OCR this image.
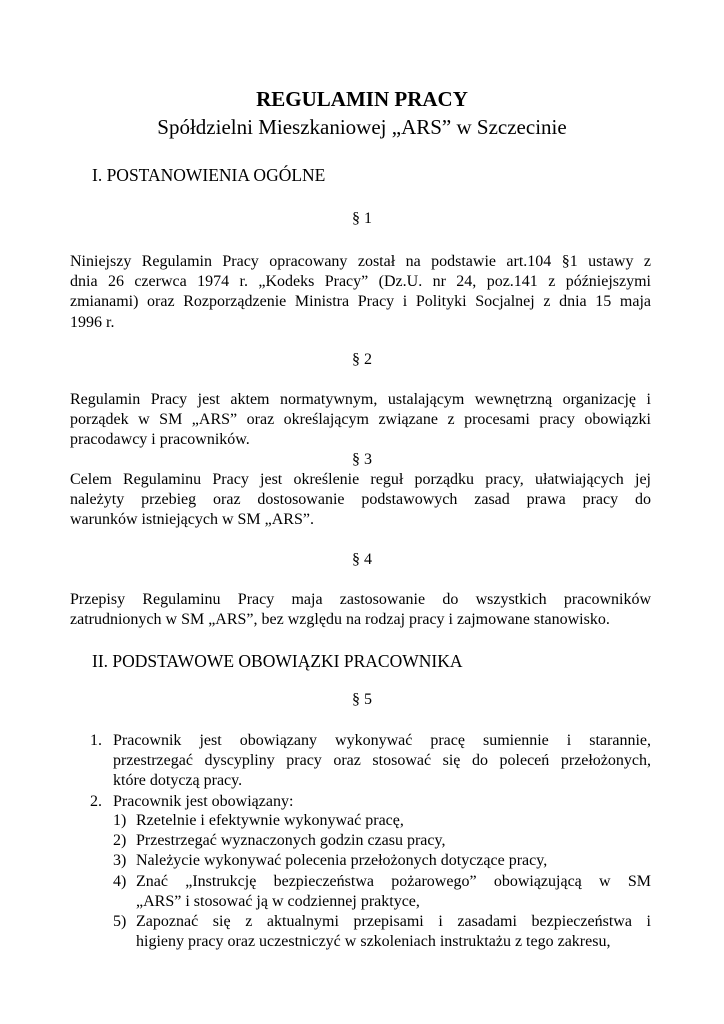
REGULAMIN PRACY
Spółdzielni Mieszkaniowej „ARS” w Szczecinie
I. POSTANOWIENIA OGÓLNE
§ 1
Niniejszy Regulamin Pracy opracowany został na podstawie art.104 §1 ustawy z
dnia 26 czerwca 1974 r. „Kodeks Pracy” (Dz.U. nr 24, poz.141 z późniejszymi
zmianami) oraz Rozporządzenie Ministra Pracy i Polityki Socjalnej z dnia 15 maja
1996 r.
§ 2
Regulamin Pracy jest aktem normatywnym, ustalającym wewnętrzną organizację i
porządek w SM „ARS” oraz określającym związane z procesami pracy obowiązki
pracodawcy i pracowników.
§ 3
Celem Regulaminu Pracy jest określenie reguł porządku pracy, ułatwiających jej
należyty przebieg oraz dostosowanie podstawowych zasad prawa pracy do
warunków istniejących w SM „ARS”.
§ 4
Przepisy Regulaminu Pracy maja zastosowanie do wszystkich pracowników
zatrudnionych w SM „ARS”, bez względu na rodzaj pracy i zajmowane stanowisko.
II. PODSTAWOWE OBOWIĄZKI PRACOWNIKA
§ 5
1. Pracownik jest obowiązany wykonywać pracę sumiennie i starannie,
przestrzegać dyscypliny pracy oraz stosować się do poleceń przełożonych,
które dotyczą pracy.
2. Pracownik jest obowiązany:
1) Rzetelnie i efektywnie wykonywać pracę,
2) Przestrzegać wyznaczonych godzin czasu pracy,
3) Należycie wykonywać polecenia przełożonych dotyczące pracy,
4) Znać „Instrukcję bezpieczeństwa pożarowego” obowiązującą w SM
„ARS” i stosować ją w codziennej praktyce,
5) Zapoznać się z aktualnymi przepisami i zasadami bezpieczeństwa i
higieny pracy oraz uczestniczyć w szkoleniach instruktażu z tego zakresu,
